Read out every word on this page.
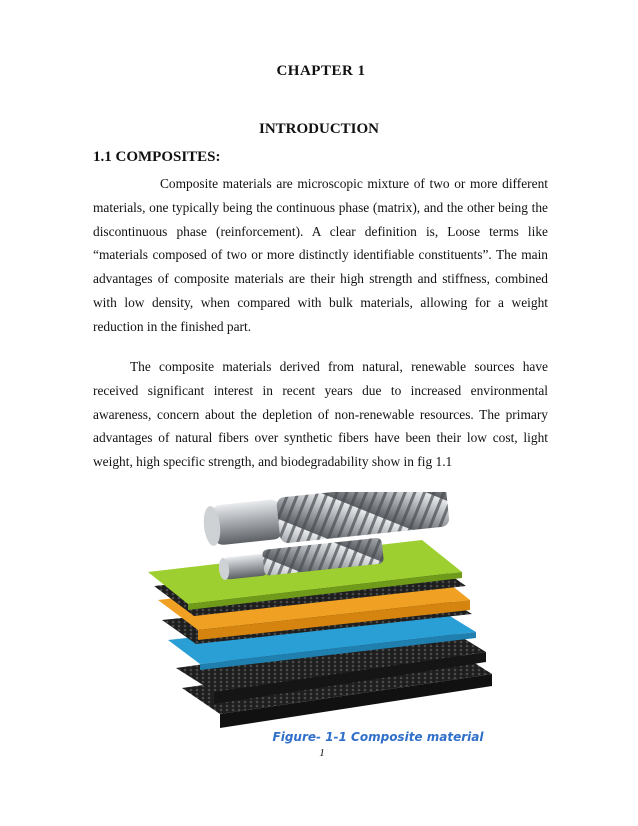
CHAPTER 1
INTRODUCTION
1.1 COMPOSITES:

Composite materials are microscopic mixture of two or more different materials, one typically being the continuous phase (matrix), and the other being the discontinuous phase (reinforcement). A clear definition is, Loose terms like “materials composed of two or more distinctly identifiable constituents”. The main advantages of composite materials are their high strength and stiffness, combined with low density, when compared with bulk materials, allowing for a weight reduction in the finished part.

The composite materials derived from natural, renewable sources have received significant interest in recent years due to increased environmental awareness, concern about the depletion of non-renewable resources. The primary advantages of natural fibers over synthetic fibers have been their low cost, light weight, high specific strength, and biodegradability show in fig 1.1

Figure- 1-1 Composite material
1
